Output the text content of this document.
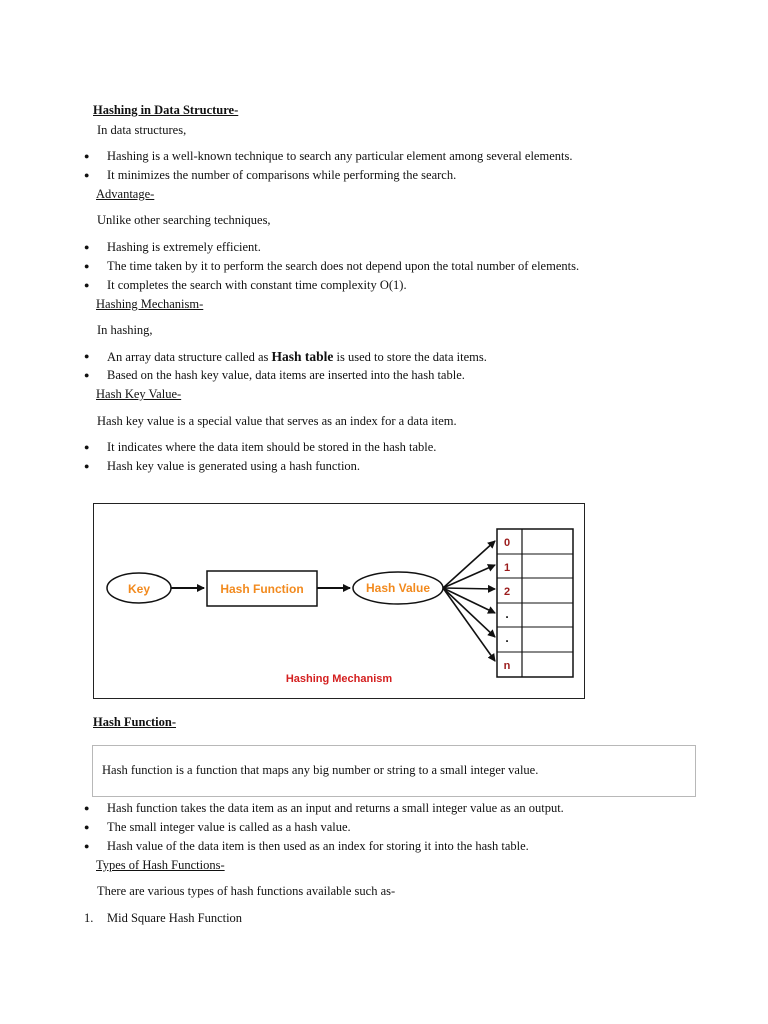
Hashing in Data Structure-
In data structures,
● Hashing is a well-known technique to search any particular element among several elements.
● It minimizes the number of comparisons while performing the search.
Advantage-
Unlike other searching techniques,
● Hashing is extremely efficient.
● The time taken by it to perform the search does not depend upon the total number of elements.
● It completes the search with constant time complexity O(1).
Hashing Mechanism-
In hashing,
● An array data structure called as Hash table is used to store the data items.
● Based on the hash key value, data items are inserted into the hash table.
Hash Key Value-
Hash key value is a special value that serves as an index for a data item.
● It indicates where the data item should be stored in the hash table.
● Hash key value is generated using a hash function.
Key	Hash Function	Hash Value
0
1
2
.
.
n
Hashing Mechanism
Hash Function-
Hash function is a function that maps any big number or string to a small integer value.
● Hash function takes the data item as an input and returns a small integer value as an output.
● The small integer value is called as a hash value.
● Hash value of the data item is then used as an index for storing it into the hash table.
Types of Hash Functions-
There are various types of hash functions available such as-
1. Mid Square Hash Function
